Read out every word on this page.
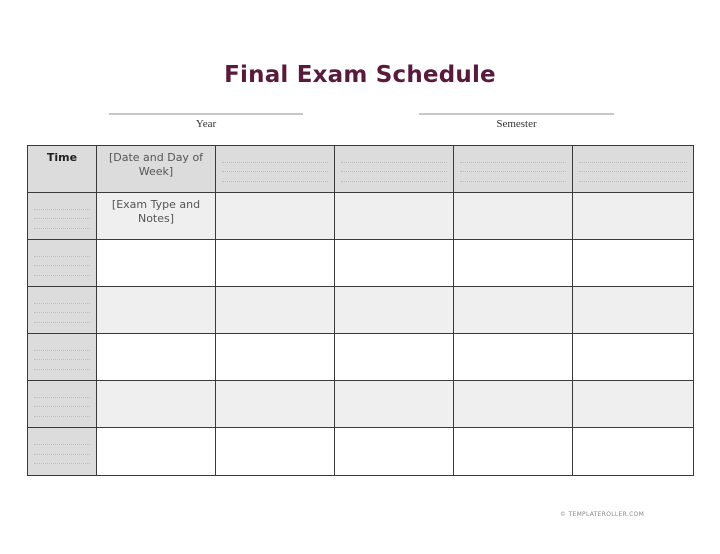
Final Exam Schedule
Year	Semester
Time	[Date and Day of Week]				

	[Exam Type and Notes]				

© TEMPLATEROLLER.COM
